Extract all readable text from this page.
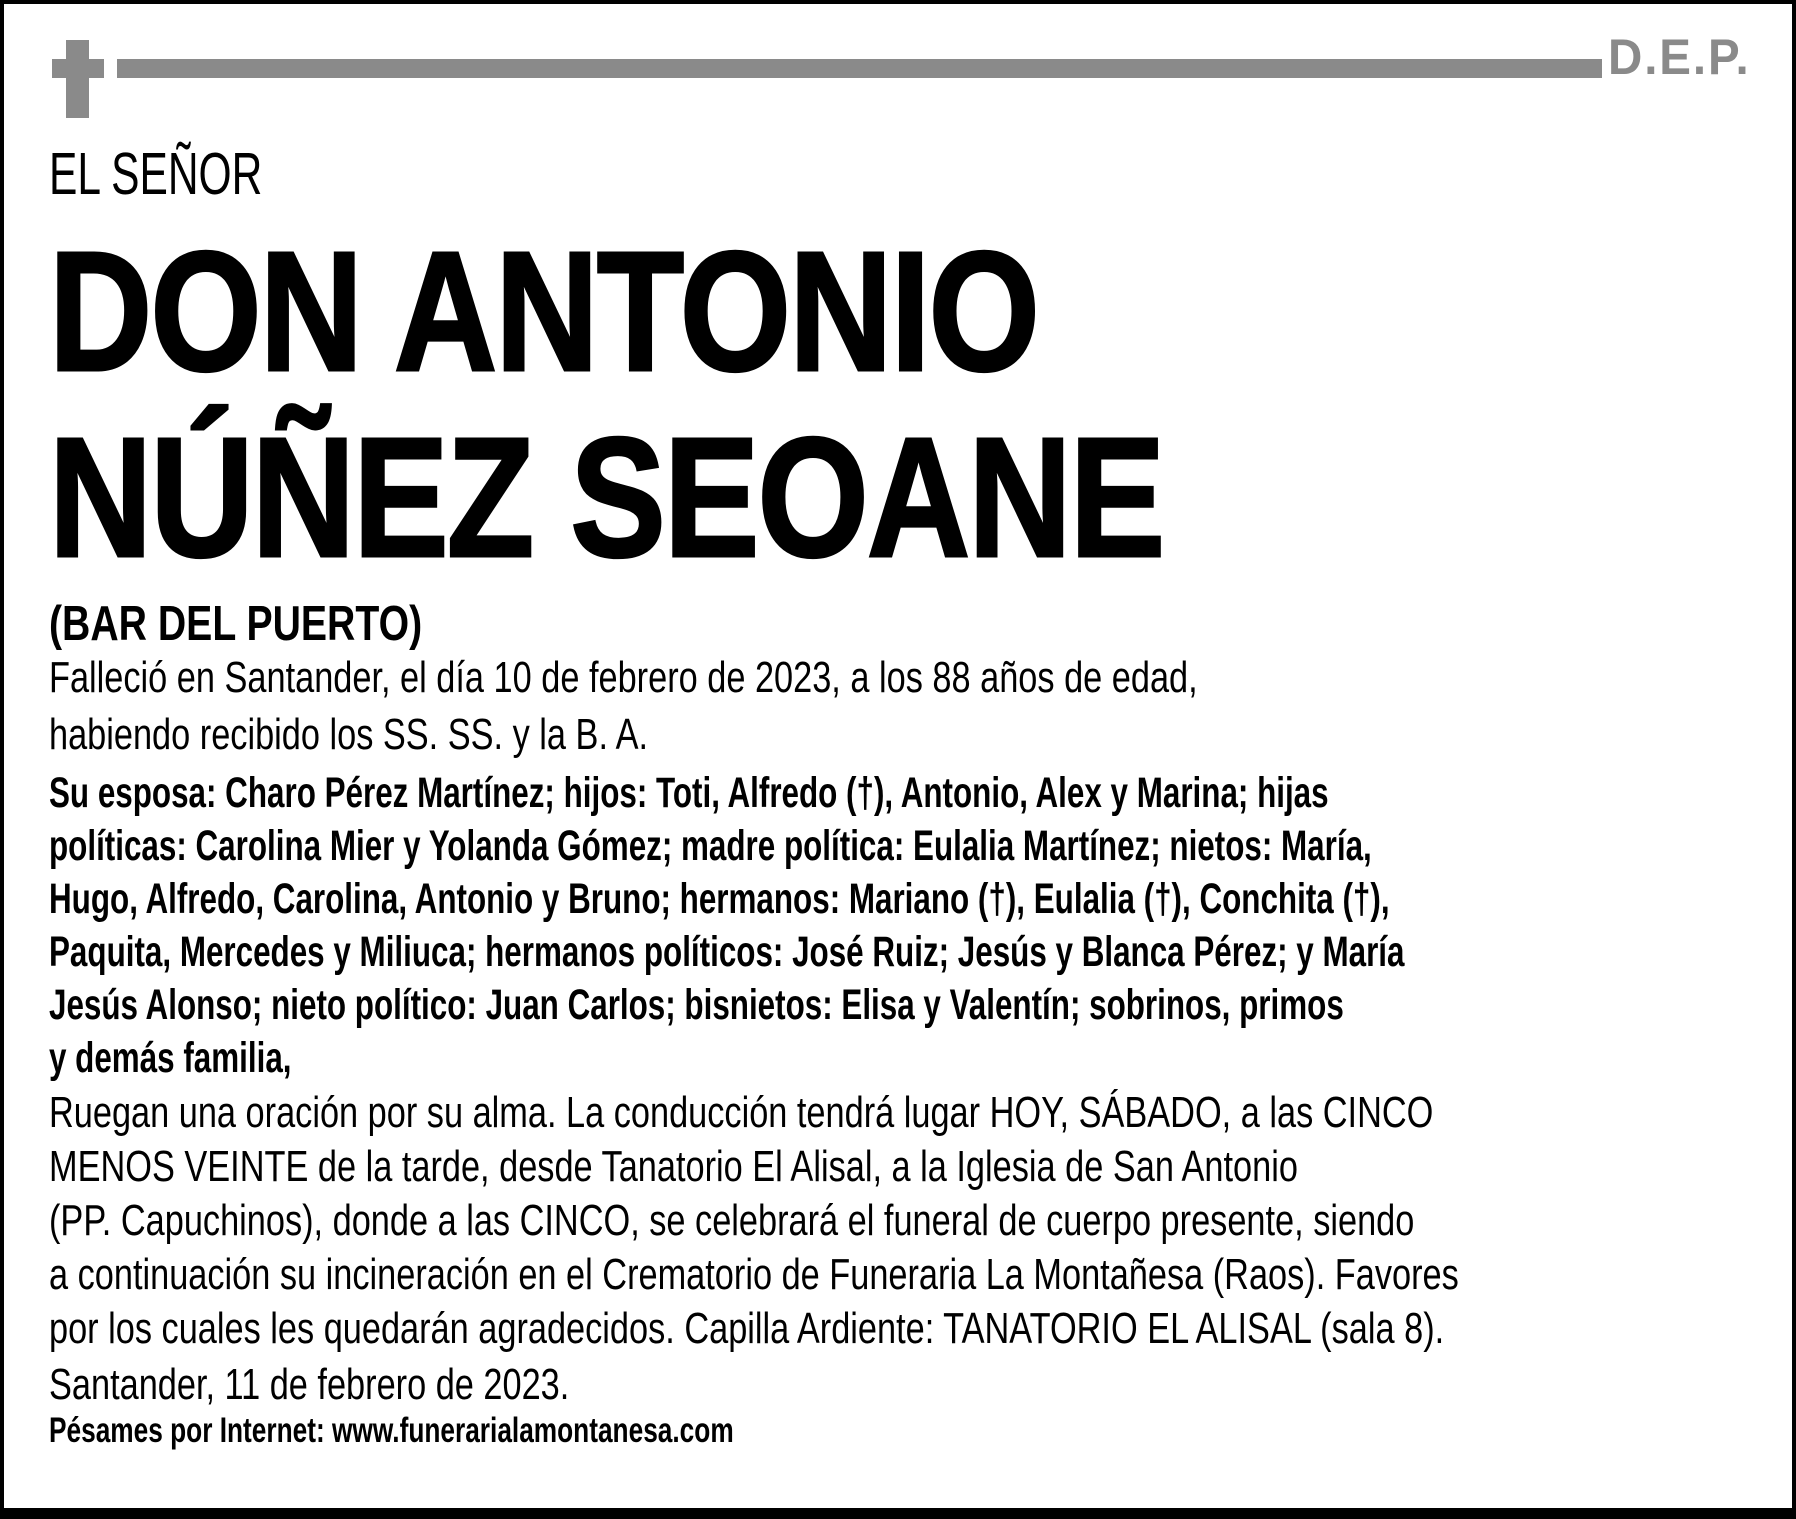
D.E.P.
EL SEÑOR
DON ANTONIO
NÚÑEZ SEOANE
(BAR DEL PUERTO)
Falleció en Santander, el día 10 de febrero de 2023, a los 88 años de edad,
habiendo recibido los SS. SS. y la B. A.
Su esposa: Charo Pérez Martínez; hijos: Toti, Alfredo (†), Antonio, Alex y Marina; hijas
políticas: Carolina Mier y Yolanda Gómez; madre política: Eulalia Martínez; nietos: María,
Hugo, Alfredo, Carolina, Antonio y Bruno; hermanos: Mariano (†), Eulalia (†), Conchita (†),
Paquita, Mercedes y Miliuca; hermanos políticos: José Ruiz; Jesús y Blanca Pérez; y María
Jesús Alonso; nieto político: Juan Carlos; bisnietos: Elisa y Valentín; sobrinos, primos
y demás familia,
Ruegan una oración por su alma. La conducción tendrá lugar HOY, SÁBADO, a las CINCO
MENOS VEINTE de la tarde, desde Tanatorio El Alisal, a la Iglesia de San Antonio
(PP. Capuchinos), donde a las CINCO, se celebrará el funeral de cuerpo presente, siendo
a continuación su incineración en el Crematorio de Funeraria La Montañesa (Raos). Favores
por los cuales les quedarán agradecidos. Capilla Ardiente: TANATORIO EL ALISAL (sala 8).
Santander, 11 de febrero de 2023.
Pésames por Internet: www.funerarialamontanesa.com
